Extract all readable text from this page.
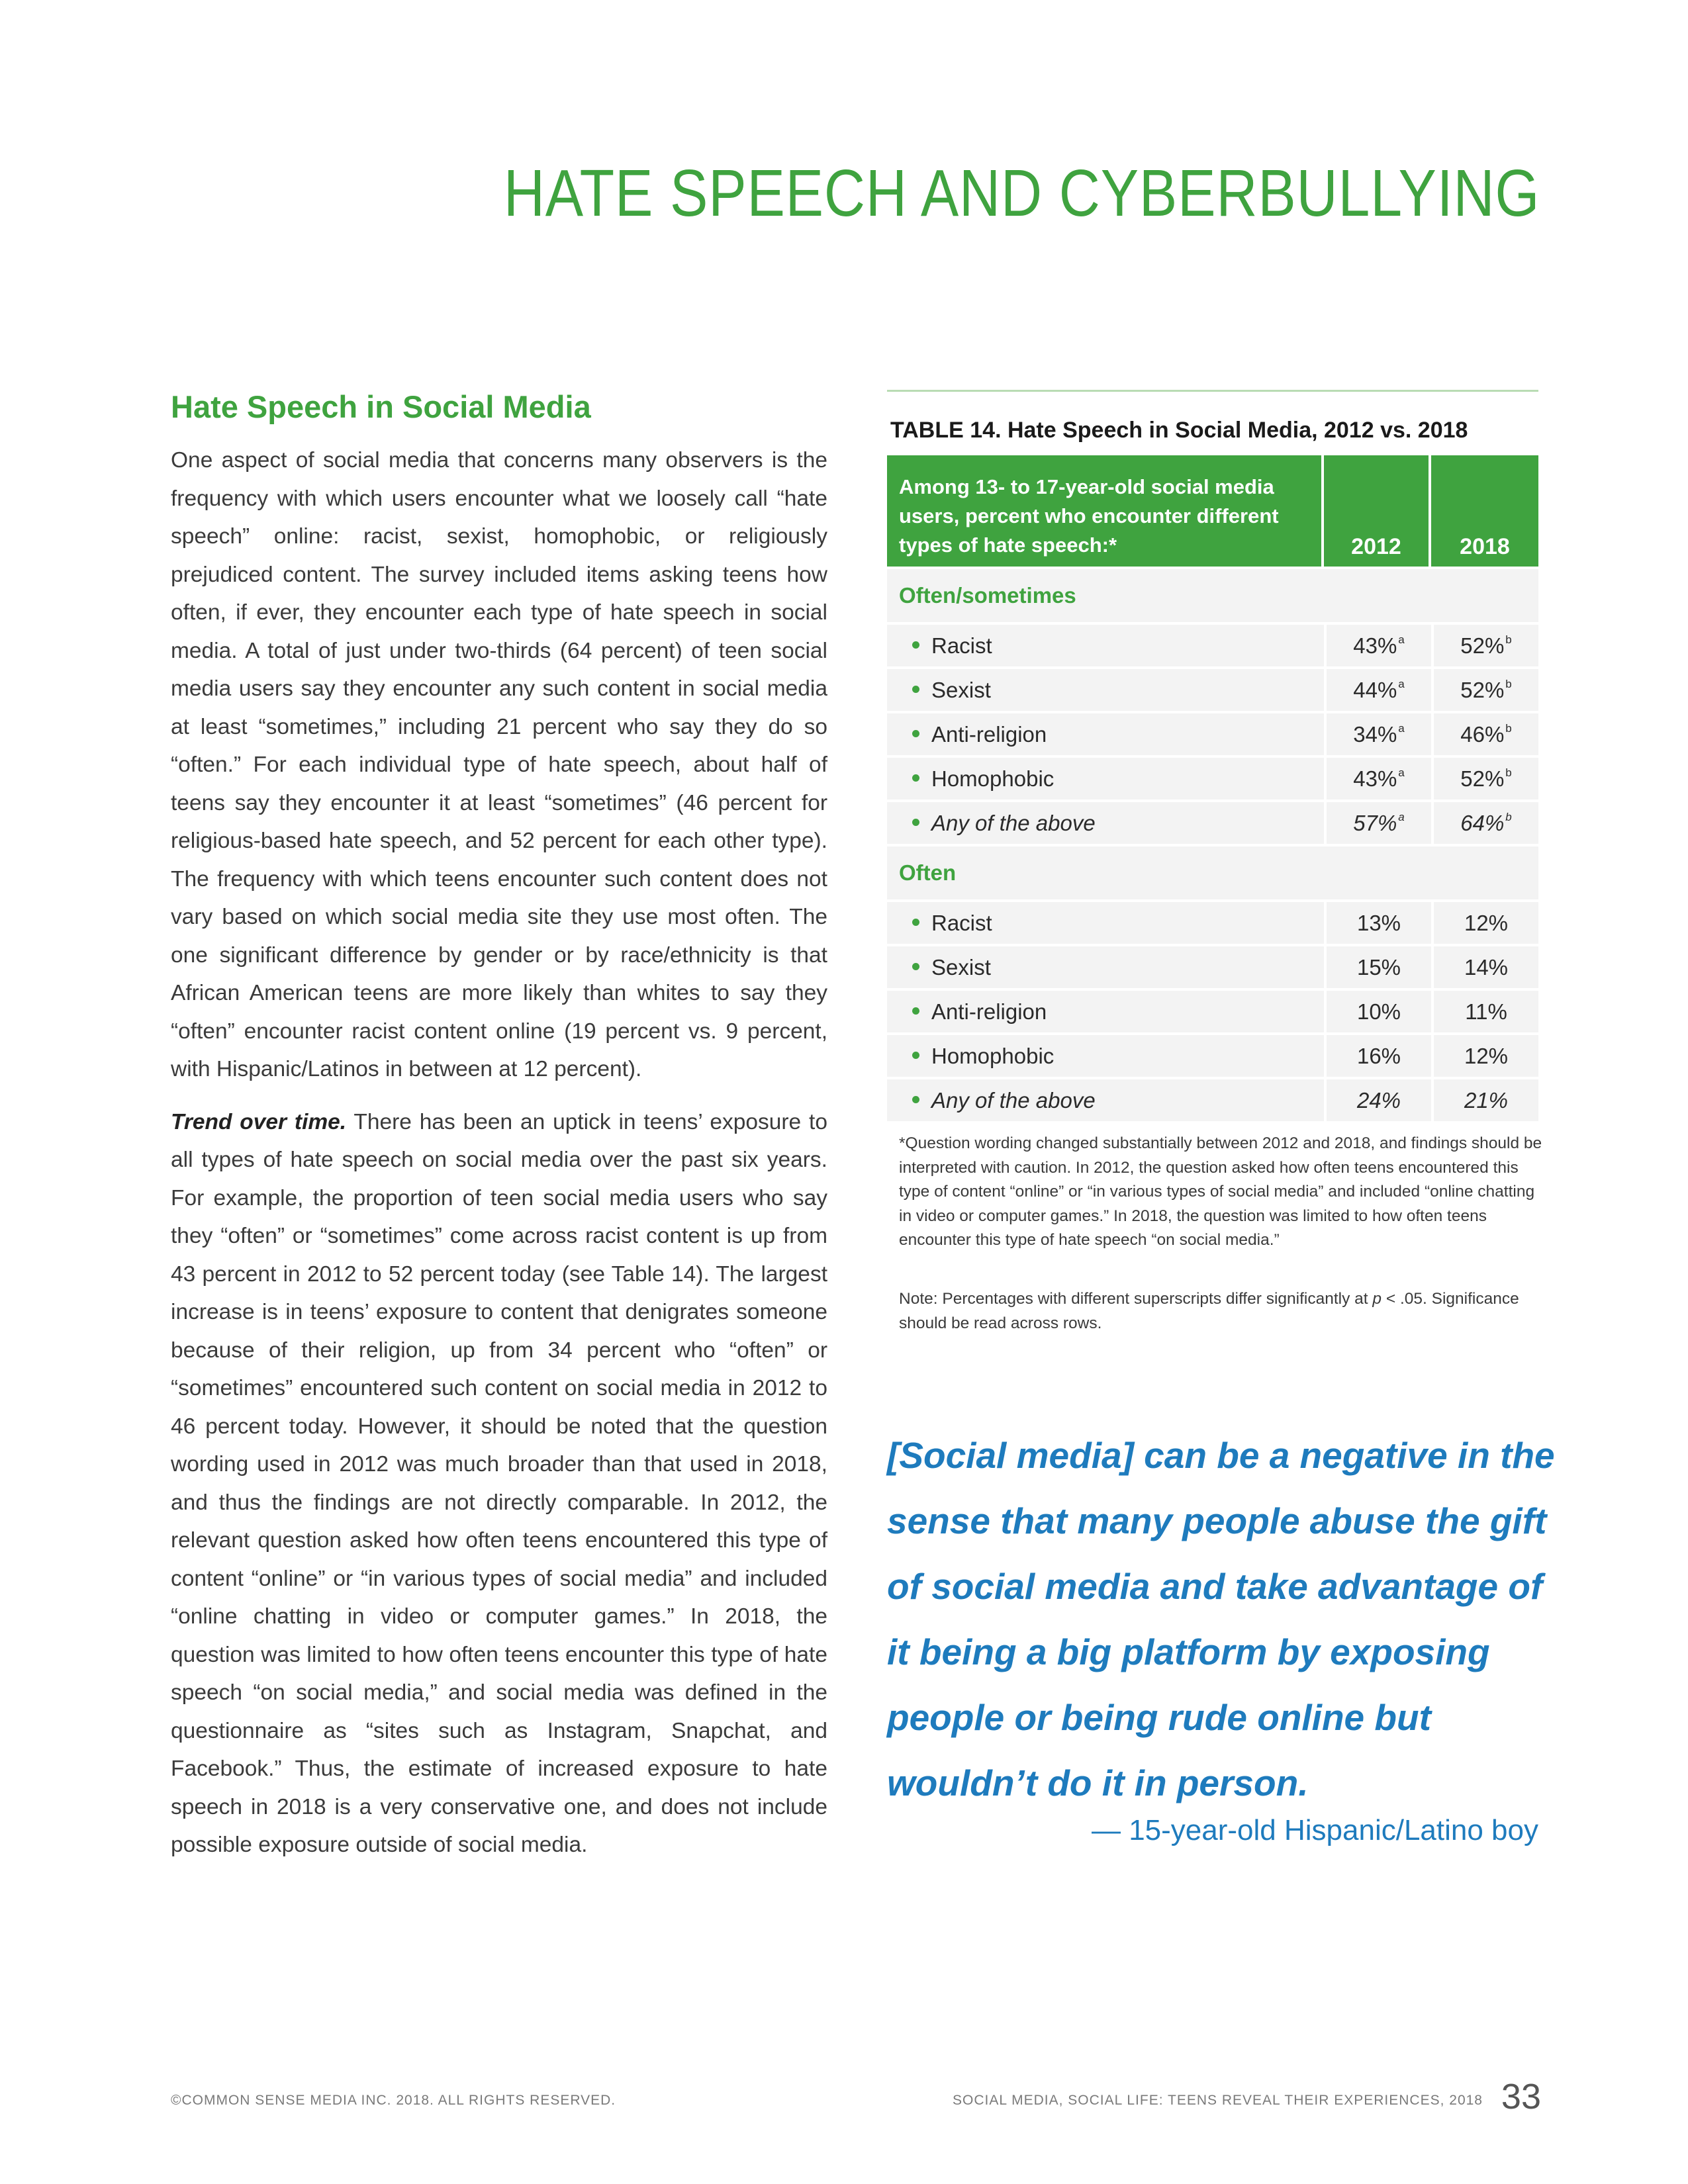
HATE SPEECH AND CYBERBULLYING
Hate Speech in Social Media

One aspect of social media that concerns many observers is the frequency with which users encounter what we loosely call “hate speech” online: racist, sexist, homophobic, or religiously prejudiced content. The survey included items asking teens how often, if ever, they encounter each type of hate speech in social media. A total of just under two-thirds (64 percent) of teen social media users say they encounter any such content in social media at least “sometimes,” including 21 percent who say they do so “often.” For each individual type of hate speech, about half of teens say they encounter it at least “sometimes” (46 percent for religious-based hate speech, and 52 percent for each other type). The frequency with which teens encounter such content does not vary based on which social media site they use most often. The one significant difference by gender or by race/ethnicity is that African American teens are more likely than whites to say they “often” encounter racist content online (19 percent vs. 9 percent, with Hispanic/Latinos in between at 12 percent).

Trend over time. There has been an uptick in teens’ exposure to all types of hate speech on social media over the past six years. For example, the proportion of teen social media users who say they “often” or “sometimes” come across racist content is up from 43 percent in 2012 to 52 percent today (see Table 14). The largest increase is in teens’ exposure to content that denigrates someone because of their religion, up from 34 percent who “often” or “sometimes” encountered such content on social media in 2012 to 46 percent today. However, it should be noted that the question wording used in 2012 was much broader than that used in 2018, and thus the findings are not directly comparable. In 2012, the relevant question asked how often teens encountered this type of content “online” or “in various types of social media” and included “online chatting in video or computer games.” In 2018, the question was limited to how often teens encounter this type of hate speech “on social media,” and social media was defined in the questionnaire as “sites such as Instagram, Snapchat, and Facebook.” Thus, the estimate of increased exposure to hate speech in 2018 is a very conservative one, and does not include possible exposure outside of social media.

TABLE 14. Hate Speech in Social Media, 2012 vs. 2018

Among 13- to 17-year-old social media users, percent who encounter different types of hate speech:*	2012	2018
Often/sometimes		
Racist	43% $^a$	52% $^b$
Sexist	44% $^a$	52% $^b$
Anti-religion	34% $^a$	46% $^b$
Homophobic	43% $^a$	52% $^b$
Any of the above	57% $^a$	64% $^b$
Often		
Racist	13%	12%
Sexist	15%	14%
Anti-religion	10%	11%
Homophobic	16%	12%
Any of the above	24%	21%

*Question wording changed substantially between 2012 and 2018, and findings should be interpreted with caution. In 2012, the question asked how often teens encountered this type of content “online” or “in various types of social media” and included “online chatting in video or computer games.” In 2018, the question was limited to how often teens encounter this type of hate speech “on social media.”

Note: Percentages with different superscripts differ significantly at p < .05. Significance should be read across rows.

[Social media] can be a negative in the sense that many people abuse the gift of social media and take advantage of it being a big platform by exposing people or being rude online but wouldn’t do it in person.

— 15-year-old Hispanic/Latino boy

©COMMON SENSE MEDIA INC. 2018. ALL RIGHTS RESERVED.	SOCIAL MEDIA, SOCIAL LIFE: TEENS REVEAL THEIR EXPERIENCES, 2018 33
